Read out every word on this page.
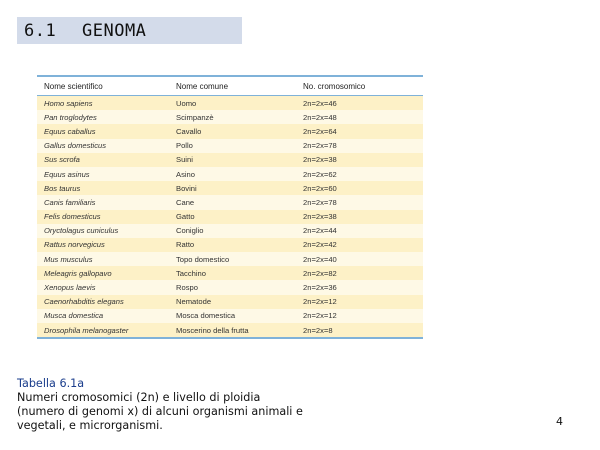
6.1 GENOMA
Nome scientifico	Nome comune	No. cromosomico
Homo sapiens	Uomo	2n=2x=46
Pan troglodytes	Scimpanzè	2n=2x=48
Equus caballus	Cavallo	2n=2x=64
Gallus domesticus	Pollo	2n=2x=78
Sus scrofa	Suini	2n=2x=38
Equus asinus	Asino	2n=2x=62
Bos taurus	Bovini	2n=2x=60
Canis familiaris	Cane	2n=2x=78
Felis domesticus	Gatto	2n=2x=38
Oryctolagus cuniculus	Coniglio	2n=2x=44
Rattus norvegicus	Ratto	2n=2x=42
Mus musculus	Topo domestico	2n=2x=40
Meleagris gallopavo	Tacchino	2n=2x=82
Xenopus laevis	Rospo	2n=2x=36
Caenorhabditis elegans	Nematode	2n=2x=12
Musca domestica	Mosca domestica	2n=2x=12
Drosophila melanogaster	Moscerino della frutta	2n=2x=8
Tabella 6.1a
Numeri cromosomici (2n) e livello di ploidia (numero di genomi x) di alcuni organismi animali e vegetali, e microrganismi.	4
